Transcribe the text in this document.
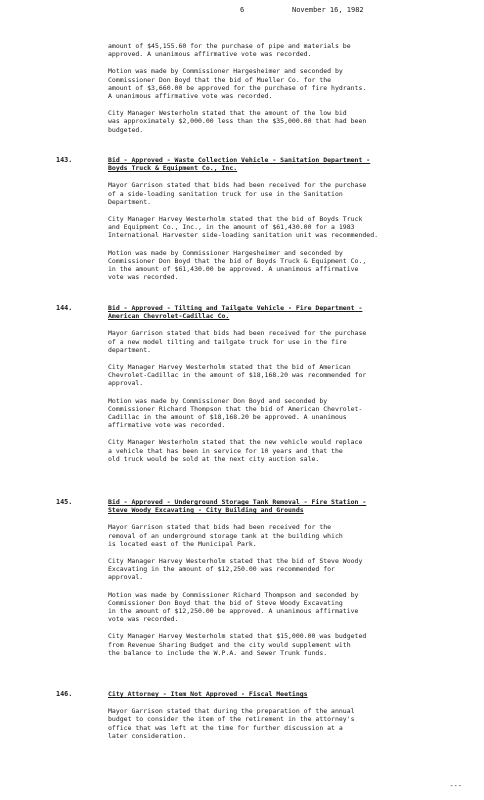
6	November 16, 1982

amount of $45,155.60 for the purchase of pipe and materials be
approved. A unanimous affirmative vote was recorded.

Motion was made by Commissioner Hargesheimer and seconded by
Commissioner Don Boyd that the bid of Mueller Co. for the
amount of $3,660.00 be approved for the purchase of fire hydrants.
A unanimous affirmative vote was recorded.

City Manager Westerholm stated that the amount of the low bid
was approximately $2,000.00 less than the $35,000.00 that had been
budgeted.

143.	Bid - Approved - Waste Collection Vehicle - Sanitation Department -
Boyds Truck & Equipment Co., Inc.

Mayor Garrison stated that bids had been received for the purchase
of a side-loading sanitation truck for use in the Sanitation
Department.

City Manager Harvey Westerholm stated that the bid of Boyds Truck
and Equipment Co., Inc., in the amount of $61,430.00 for a 1983
International Harvester side-loading sanitation unit was recommended.

Motion was made by Commissioner Hargesheimer and seconded by
Commissioner Don Boyd that the bid of Boyds Truck & Equipment Co.,
in the amount of $61,430.00 be approved. A unanimous affirmative
vote was recorded.

144.	Bid - Approved - Tilting and Tailgate Vehicle - Fire Department -
American Chevrolet-Cadillac Co.

Mayor Garrison stated that bids had been received for the purchase
of a new model tilting and tailgate truck for use in the fire
department.

City Manager Harvey Westerholm stated that the bid of American
Chevrolet-Cadillac in the amount of $18,168.20 was recommended for
approval.

Motion was made by Commissioner Don Boyd and seconded by
Commissioner Richard Thompson that the bid of American Chevrolet-
Cadillac in the amount of $18,168.20 be approved. A unanimous
affirmative vote was recorded.

City Manager Westerholm stated that the new vehicle would replace
a vehicle that has been in service for 10 years and that the
old truck would be sold at the next city auction sale.

145.	Bid - Approved - Underground Storage Tank Removal - Fire Station -
Steve Woody Excavating - City Building and Grounds

Mayor Garrison stated that bids had been received for the
removal of an underground storage tank at the building which
is located east of the Municipal Park.

City Manager Harvey Westerholm stated that the bid of Steve Woody
Excavating in the amount of $12,250.00 was recommended for
approval.

Motion was made by Commissioner Richard Thompson and seconded by
Commissioner Don Boyd that the bid of Steve Woody Excavating
in the amount of $12,250.00 be approved. A unanimous affirmative
vote was recorded.

City Manager Harvey Westerholm stated that $15,000.00 was budgeted
from Revenue Sharing Budget and the city would supplement with
the balance to include the W.P.A. and Sewer Trunk funds.

146.	City Attorney - Item Not Approved - Fiscal Meetings

Mayor Garrison stated that during the preparation of the annual
budget to consider the item of the retirement in the attorney's
office that was left at the time for further discussion at a
later consideration.

---
